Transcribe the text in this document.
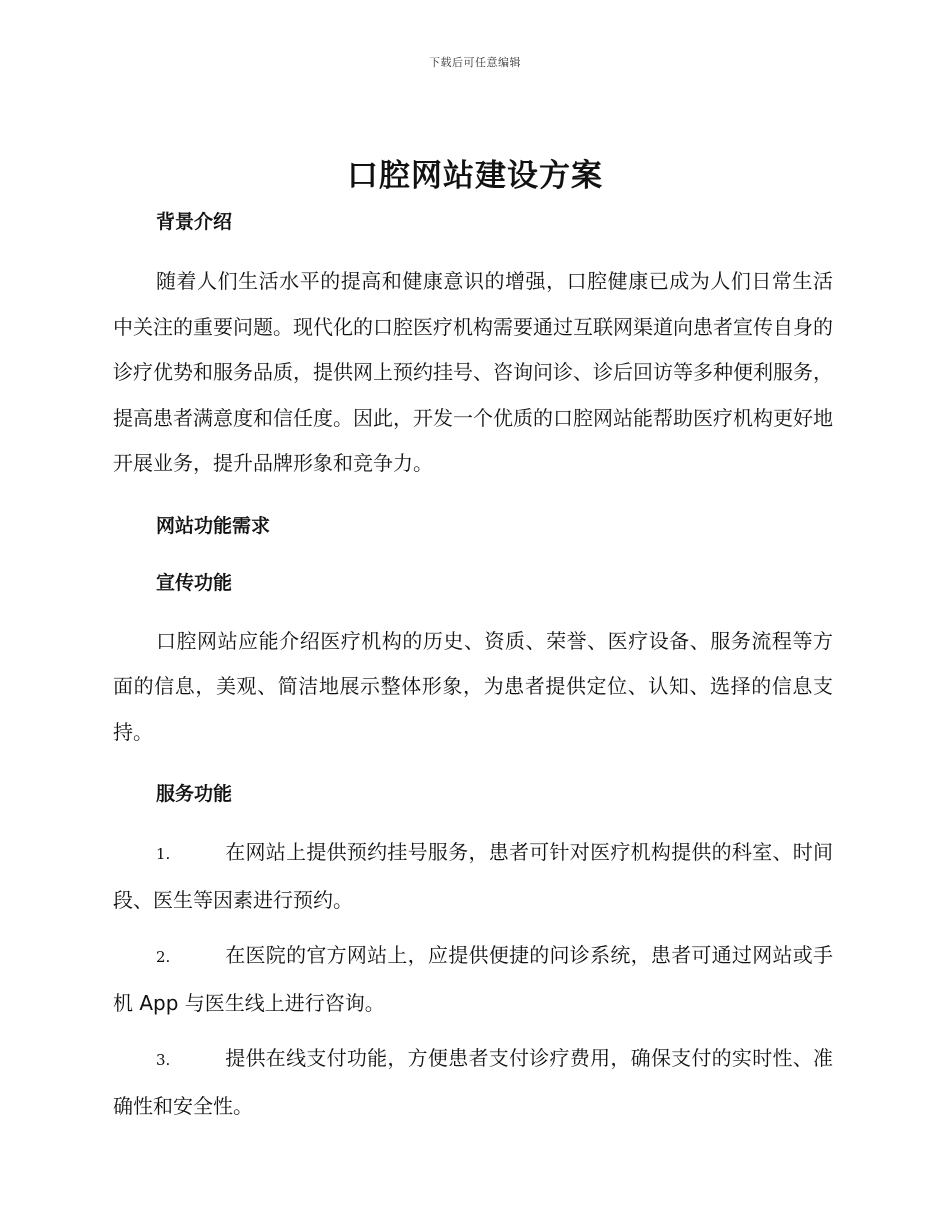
下载后可任意编辑
口腔网站建设方案
背景介绍

随着人们生活水平的提高和健康意识的增强，口腔健康已成为人们日常生活中关注的重要问题。现代化的口腔医疗机构需要通过互联网渠道向患者宣传自身的诊疗优势和服务品质，提供网上预约挂号、咨询问诊、诊后回访等多种便利服务，提高患者满意度和信任度。因此，开发一个优质的口腔网站能帮助医疗机构更好地开展业务，提升品牌形象和竞争力。

网站功能需求
宣传功能

口腔网站应能介绍医疗机构的历史、资质、荣誉、医疗设备、服务流程等方面的信息，美观、简洁地展示整体形象，为患者提供定位、认知、选择的信息支持。

服务功能

1.	在网站上提供预约挂号服务，患者可针对医疗机构提供的科室、时间段、医生等因素进行预约。

2.	在医院的官方网站上，应提供便捷的问诊系统，患者可通过网站或手机 App 与医生线上进行咨询。

3.	提供在线支付功能，方便患者支付诊疗费用，确保支付的实时性、准确性和安全性。
